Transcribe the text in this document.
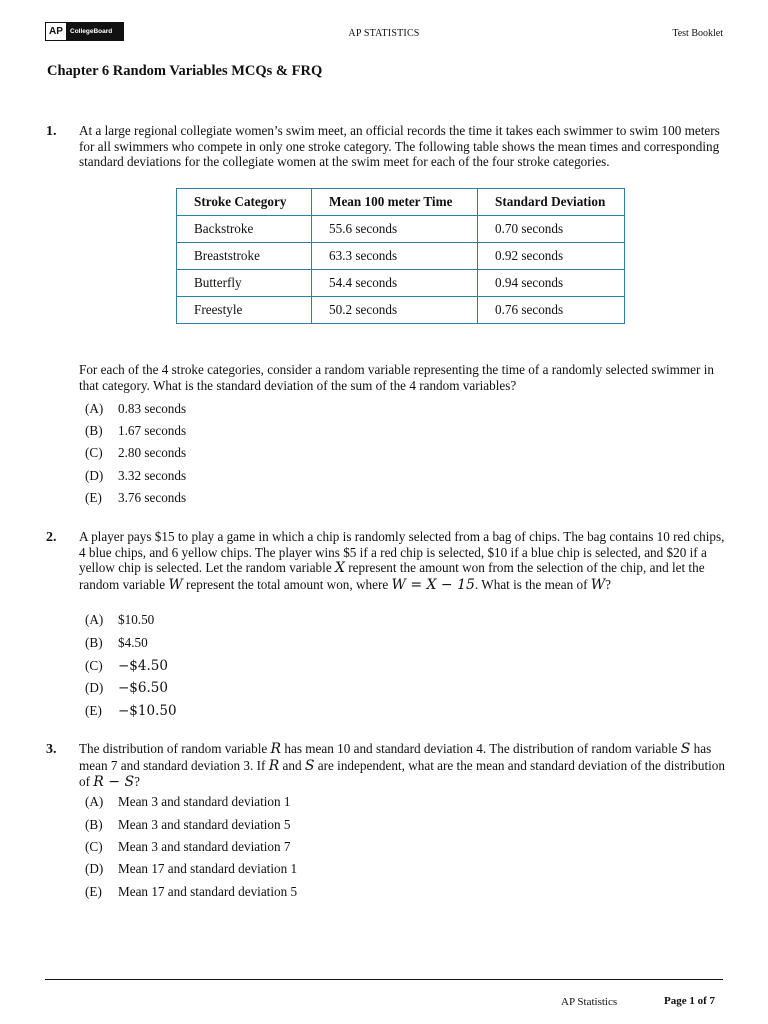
AP	CollegeBoard	AP STATISTICS	Test Booklet
Chapter 6 Random Variables MCQs & FRQ
1. At a large regional collegiate women’s swim meet, an official records the time it takes each swimmer to swim 100 meters for all swimmers who compete in only one stroke category. The following table shows the mean times and corresponding standard deviations for the collegiate women at the swim meet for each of the four stroke categories.
Stroke Category	Mean 100 meter Time	Standard Deviation
Backstroke	55.6 seconds	0.70 seconds
Breaststroke	63.3 seconds	0.92 seconds
Butterfly	54.4 seconds	0.94 seconds
Freestyle	50.2 seconds	0.76 seconds
For each of the 4 stroke categories, consider a random variable representing the time of a randomly selected swimmer in that category. What is the standard deviation of the sum of the 4 random variables?
(A) 0.83 seconds
(B) 1.67 seconds
(C) 2.80 seconds
(D) 3.32 seconds
(E) 3.76 seconds
2. A player pays $15 to play a game in which a chip is randomly selected from a bag of chips. The bag contains 10 red chips, 4 blue chips, and 6 yellow chips. The player wins $5 if a red chip is selected, $10 if a blue chip is selected, and $20 if a yellow chip is selected. Let the random variable X represent the amount won from the selection of the chip, and let the random variable W represent the total amount won, where W = X − 15. What is the mean of W?
(A) $10.50
(B) $4.50
(C) −$4.50
(D) −$6.50
(E) −$10.50
3. The distribution of random variable R has mean 10 and standard deviation 4. The distribution of random variable S has mean 7 and standard deviation 3. If R and S are independent, what are the mean and standard deviation of the distribution of R − S?
(A) Mean 3 and standard deviation 1
(B) Mean 3 and standard deviation 5
(C) Mean 3 and standard deviation 7
(D) Mean 17 and standard deviation 1
(E) Mean 17 and standard deviation 5
AP Statistics	Page 1 of 7
